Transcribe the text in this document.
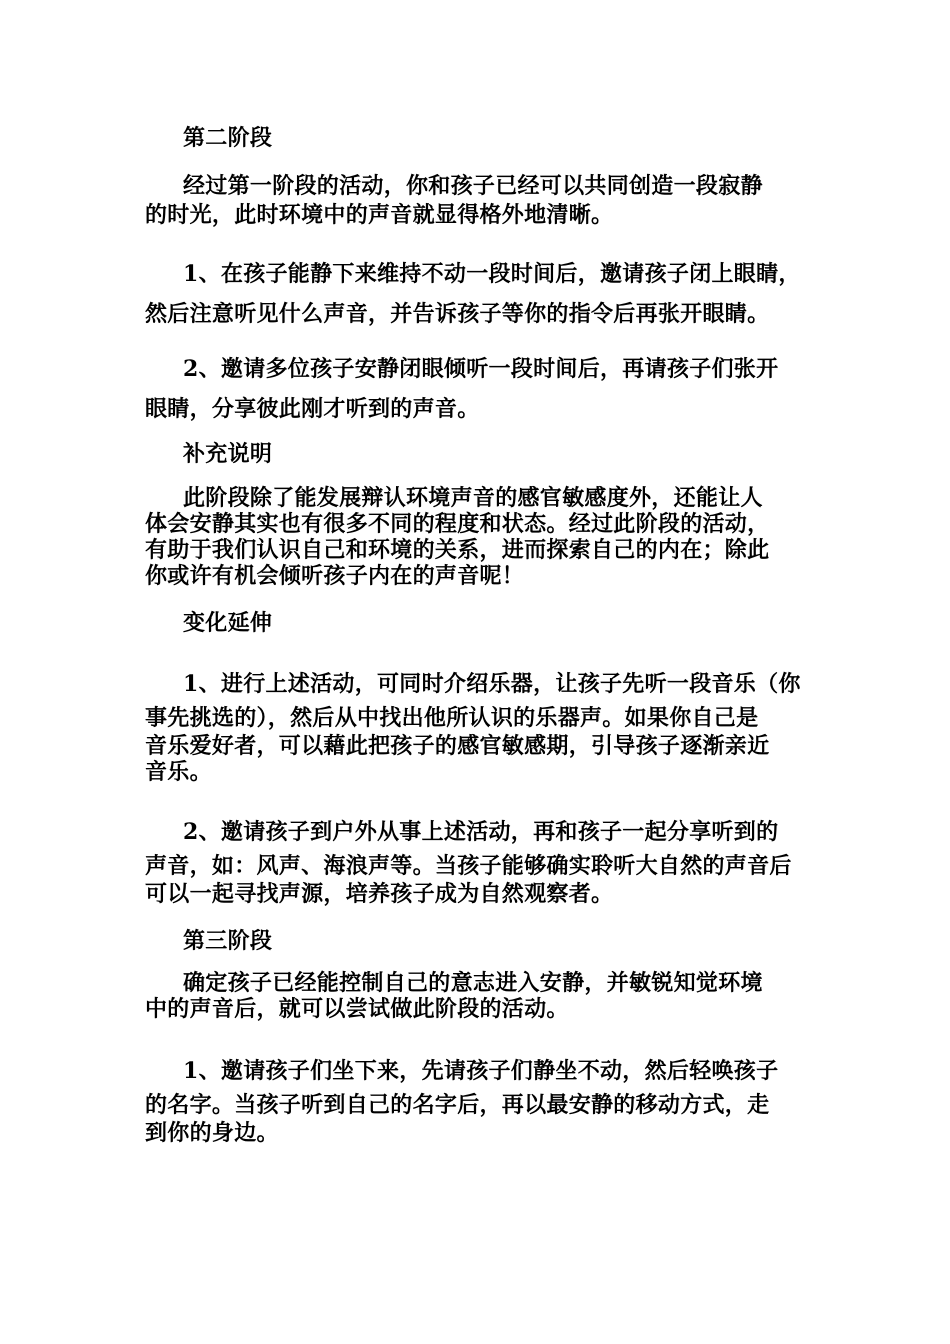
第二阶段

经过第一阶段的活动，你和孩子已经可以共同创造一段寂静
的时光，此时环境中的声音就显得格外地清晰。

1、在孩子能静下来维持不动一段时间后，邀请孩子闭上眼睛，
然后注意听见什么声音，并告诉孩子等你的指令后再张开眼睛。

2、邀请多位孩子安静闭眼倾听一段时间后，再请孩子们张开
眼睛，分享彼此刚才听到的声音。

补充说明

此阶段除了能发展辩认环境声音的感官敏感度外，还能让人
体会安静其实也有很多不同的程度和状态。经过此阶段的活动，
有助于我们认识自己和环境的关系，进而探索自己的内在；除此
你或许有机会倾听孩子内在的声音呢！

变化延伸

1、进行上述活动，可同时介绍乐器，让孩子先听一段音乐（你
事先挑选的），然后从中找出他所认识的乐器声。如果你自己是
音乐爱好者，可以藉此把孩子的感官敏感期，引导孩子逐渐亲近
音乐。

2、邀请孩子到户外从事上述活动，再和孩子一起分享听到的
声音，如：风声、海浪声等。当孩子能够确实聆听大自然的声音后
可以一起寻找声源，培养孩子成为自然观察者。

第三阶段

确定孩子已经能控制自己的意志进入安静，并敏锐知觉环境
中的声音后，就可以尝试做此阶段的活动。

1、邀请孩子们坐下来，先请孩子们静坐不动，然后轻唤孩子
的名字。当孩子听到自己的名字后，再以最安静的移动方式，走
到你的身边。
